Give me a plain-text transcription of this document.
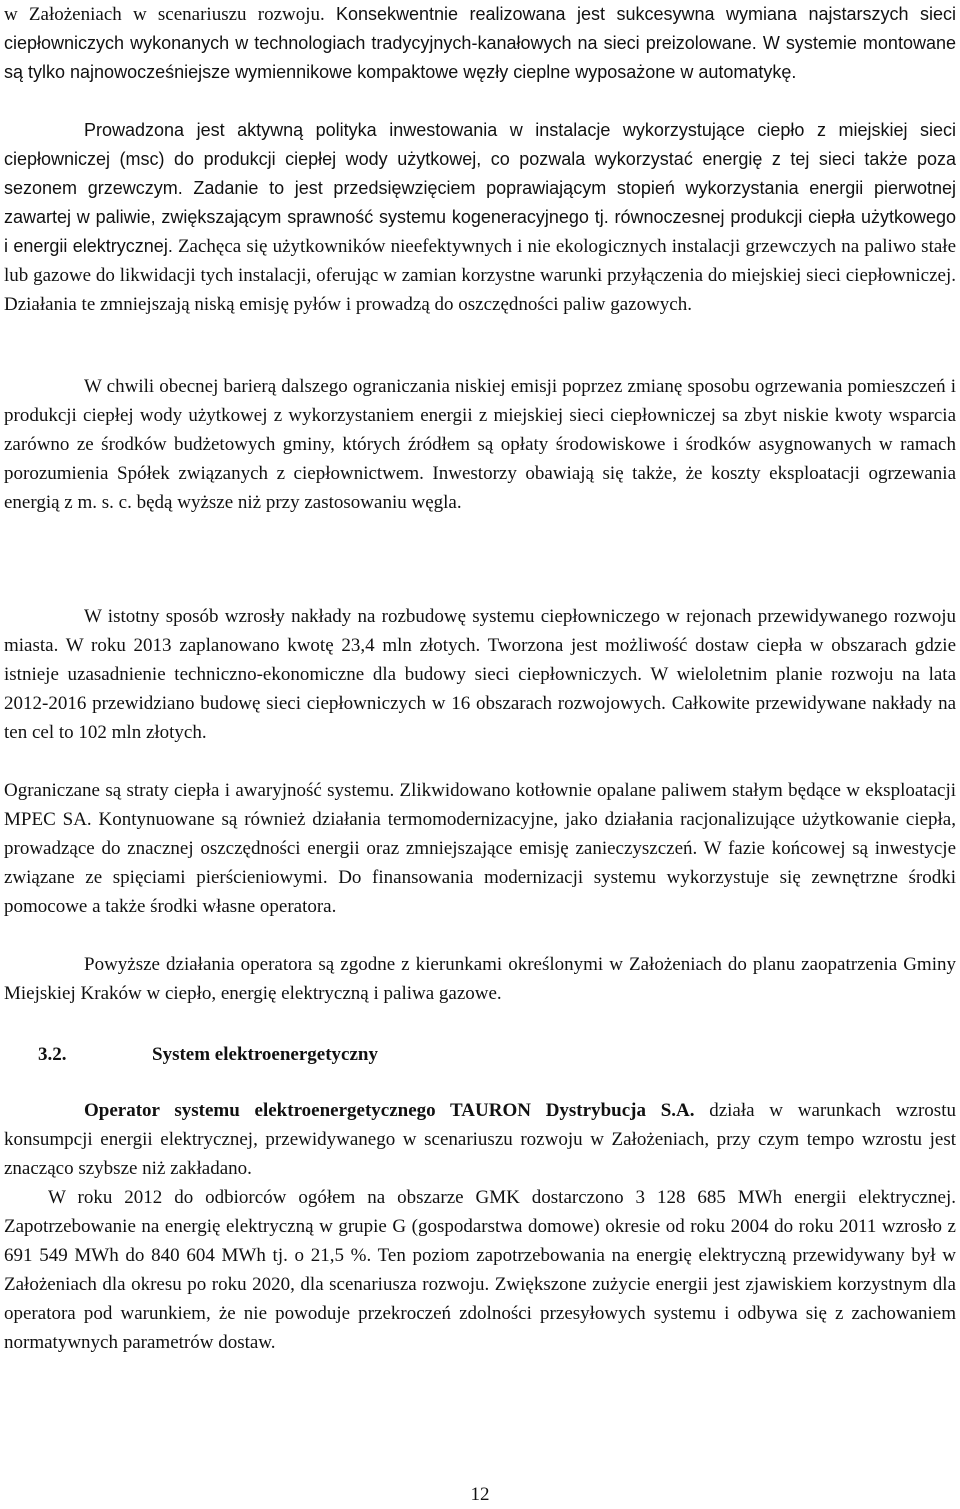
w Założeniach w scenariuszu rozwoju. Konsekwentnie realizowana jest sukcesywna wymiana najstarszych sieci ciepłowniczych wykonanych w technologiach tradycyjnych-kanałowych na sieci preizolowane. W systemie montowane są tylko najnowocześniejsze wymiennikowe kompaktowe węzły cieplne wyposażone w automatykę.

Prowadzona jest aktywną polityka inwestowania w instalacje wykorzystujące ciepło z miejskiej sieci ciepłowniczej (msc) do produkcji ciepłej wody użytkowej, co pozwala wykorzystać energię z tej sieci także poza sezonem grzewczym. Zadanie to jest przedsięwzięciem poprawiającym stopień wykorzystania energii pierwotnej zawartej w paliwie, zwiększającym sprawność systemu kogeneracyjnego tj. równoczesnej produkcji ciepła użytkowego i energii elektrycznej. Zachęca się użytkowników nieefektywnych i nie ekologicznych instalacji grzewczych na paliwo stałe lub gazowe do likwidacji tych instalacji, oferując w zamian korzystne warunki przyłączenia do miejskiej sieci ciepłowniczej. Działania te zmniejszają niską emisję pyłów i prowadzą do oszczędności paliw gazowych.

W chwili obecnej barierą dalszego ograniczania niskiej emisji poprzez zmianę sposobu ogrzewania pomieszczeń i produkcji ciepłej wody użytkowej z wykorzystaniem energii z miejskiej sieci ciepłowniczej sa zbyt niskie kwoty wsparcia zarówno ze środków budżetowych gminy, których źródłem są opłaty środowiskowe i środków asygnowanych w ramach porozumienia Spółek związanych z ciepłownictwem. Inwestorzy obawiają się także, że koszty eksploatacji ogrzewania energią z m. s. c. będą wyższe niż przy zastosowaniu węgla.

W istotny sposób wzrosły nakłady na rozbudowę systemu ciepłowniczego w rejonach przewidywanego rozwoju miasta. W roku 2013 zaplanowano kwotę 23,4 mln złotych. Tworzona jest możliwość dostaw ciepła w obszarach gdzie istnieje uzasadnienie techniczno-ekonomiczne dla budowy sieci ciepłowniczych. W wieloletnim planie rozwoju na lata 2012-2016 przewidziano budowę sieci ciepłowniczych w 16 obszarach rozwojowych. Całkowite przewidywane nakłady na ten cel to 102 mln złotych.

Ograniczane są straty ciepła i awaryjność systemu. Zlikwidowano kotłownie opalane paliwem stałym będące w eksploatacji MPEC SA. Kontynuowane są również działania termomodernizacyjne, jako działania racjonalizujące użytkowanie ciepła, prowadzące do znacznej oszczędności energii oraz zmniejszające emisję zanieczyszczeń. W fazie końcowej są inwestycje związane ze spięciami pierścieniowymi. Do finansowania modernizacji systemu wykorzystuje się zewnętrzne środki pomocowe a także środki własne operatora.

Powyższe działania operatora są zgodne z kierunkami określonymi w Założeniach do planu zaopatrzenia Gminy Miejskiej Kraków w ciepło, energię elektryczną i paliwa gazowe.

3.2.	System elektroenergetyczny

Operator systemu elektroenergetycznego TAURON Dystrybucja S.A. działa w warunkach wzrostu konsumpcji energii elektrycznej, przewidywanego w scenariuszu rozwoju w Założeniach, przy czym tempo wzrostu jest znacząco szybsze niż zakładano.

W roku 2012 do odbiorców ogółem na obszarze GMK dostarczono 3 128 685 MWh energii elektrycznej. Zapotrzebowanie na energię elektryczną w grupie G (gospodarstwa domowe) okresie od roku 2004 do roku 2011 wzrosło z 691 549 MWh do 840 604 MWh tj. o 21,5 %. Ten poziom zapotrzebowania na energię elektryczną przewidywany był w Założeniach dla okresu po roku 2020, dla scenariusza rozwoju. Zwiększone zużycie energii jest zjawiskiem korzystnym dla operatora pod warunkiem, że nie powoduje przekroczeń zdolności przesyłowych systemu i odbywa się z zachowaniem normatywnych parametrów dostaw.

12
